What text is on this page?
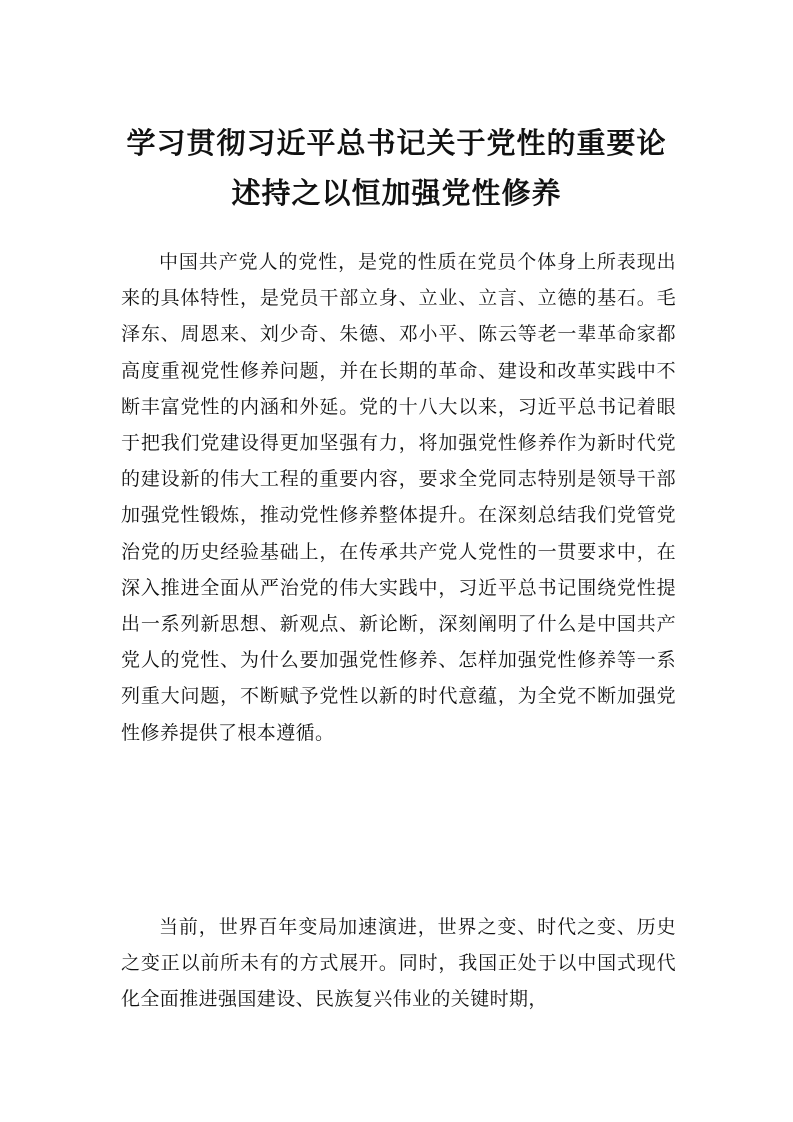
学习贯彻习近平总书记关于党性的重要论
述持之以恒加强党性修养

中国共产党人的党性，是党的性质在党员个体身上所表现出来的具体特性，是党员干部立身、立业、立言、立德的基石。毛泽东、周恩来、刘少奇、朱德、邓小平、陈云等老一辈革命家都高度重视党性修养问题，并在长期的革命、建设和改革实践中不断丰富党性的内涵和外延。党的十八大以来，习近平总书记着眼于把我们党建设得更加坚强有力，将加强党性修养作为新时代党的建设新的伟大工程的重要内容，要求全党同志特别是领导干部加强党性锻炼，推动党性修养整体提升。在深刻总结我们党管党治党的历史经验基础上，在传承共产党人党性的一贯要求中，在深入推进全面从严治党的伟大实践中，习近平总书记围绕党性提出一系列新思想、新观点、新论断，深刻阐明了什么是中国共产党人的党性、为什么要加强党性修养、怎样加强党性修养等一系列重大问题，不断赋予党性以新的时代意蕴，为全党不断加强党性修养提供了根本遵循。

当前，世界百年变局加速演进，世界之变、时代之变、历史之变正以前所未有的方式展开。同时，我国正处于以中国式现代化全面推进强国建设、民族复兴伟业的关键时期，
